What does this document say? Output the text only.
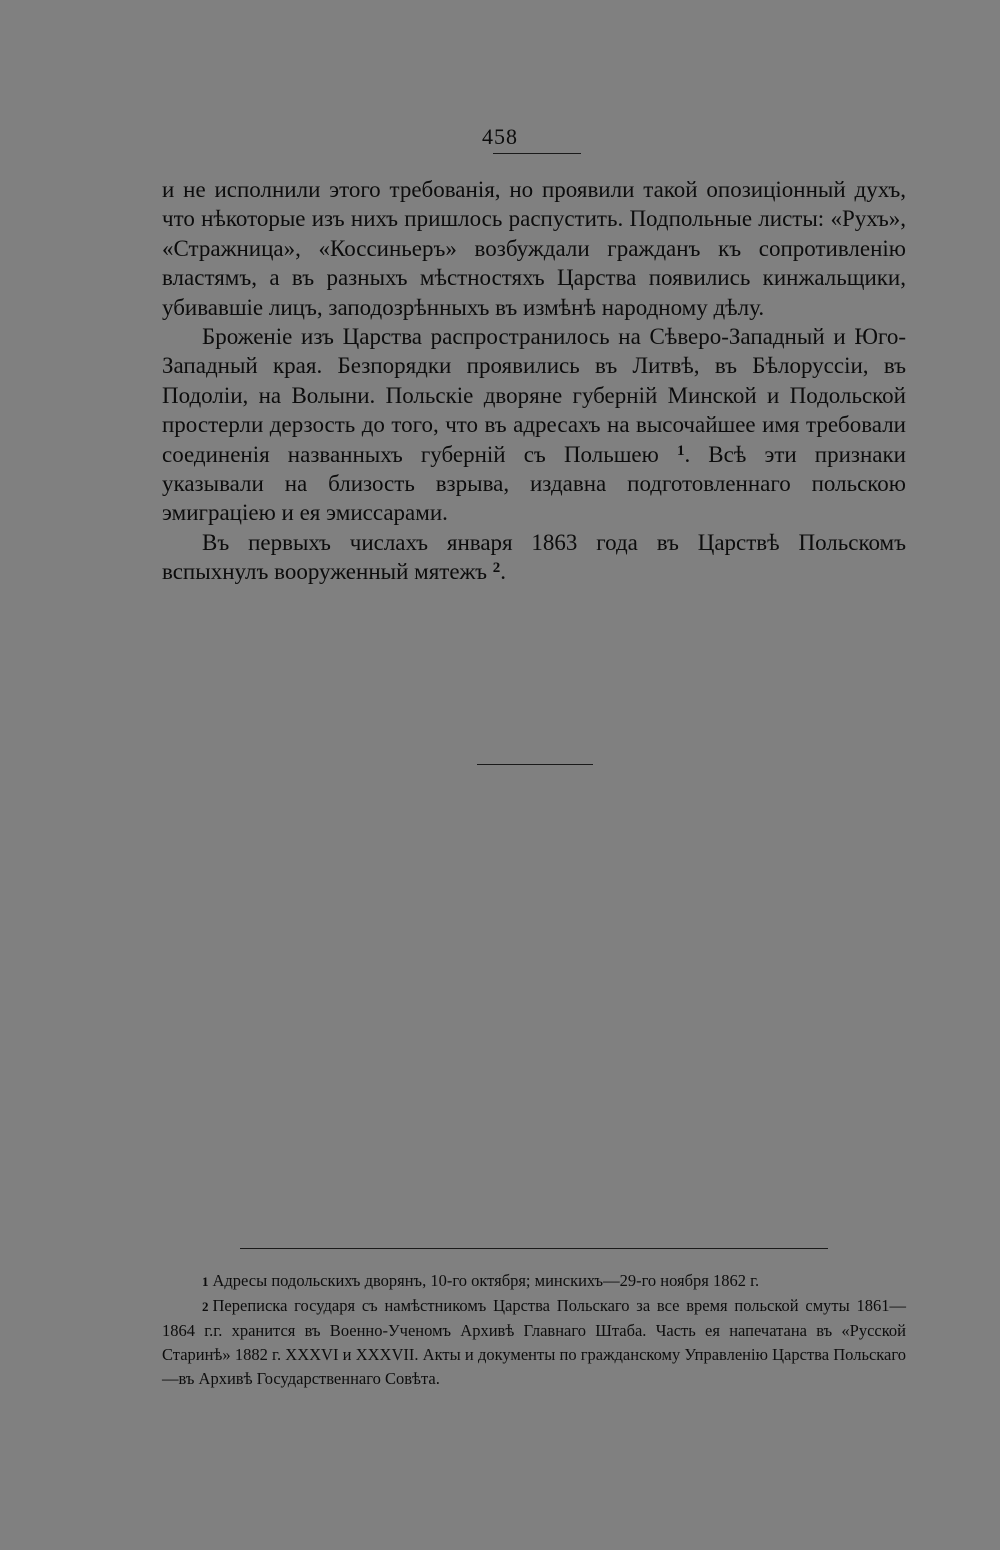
458

и не исполнили этого требованія, но проявили такой опозиціонный духъ, что нѣкоторые изъ нихъ пришлось распустить. Подпольные листы: «Рухъ», «Стражница», «Коссиньеръ» возбуждали гражданъ къ сопротивленію властямъ, а въ разныхъ мѣстностяхъ Царства появились кинжальщики, убивавшіе лицъ, заподозрѣнныхъ въ измѣнѣ народному дѣлу.

Броженіе изъ Царства распространилось на Сѣверо-Западный и Юго-Западный края. Безпорядки проявились въ Литвѣ, въ Бѣлоруссіи, въ Подоліи, на Волыни. Польскіе дворяне губерній Минской и Подольской простерли дерзость до того, что въ адресахъ на высочайшее имя требовали соединенія названныхъ губерній съ Польшею $^1$. Всѣ эти признаки указывали на близость взрыва, издавна подготовленнаго польскою эмиграціею и ея эмиссарами.

Въ первыхъ числахъ января 1863 года въ Царствѣ Польскомъ вспыхнулъ вооруженный мятежъ $^2$.

1 Адресы подольскихъ дворянъ, 10-го октября; минскихъ—29-го ноября 1862 г.

2 Переписка государя съ намѣстникомъ Царства Польскаго за все время польской смуты 1861—1864 г.г. хранится въ Военно-Ученомъ Архивѣ Главнаго Штаба. Часть ея напечатана въ «Русской Старинѣ» 1882 г. XXXVI и XXXVII. Акты и документы по гражданскому Управленію Царства Польскаго—въ Архивѣ Государственнаго Совѣта.
